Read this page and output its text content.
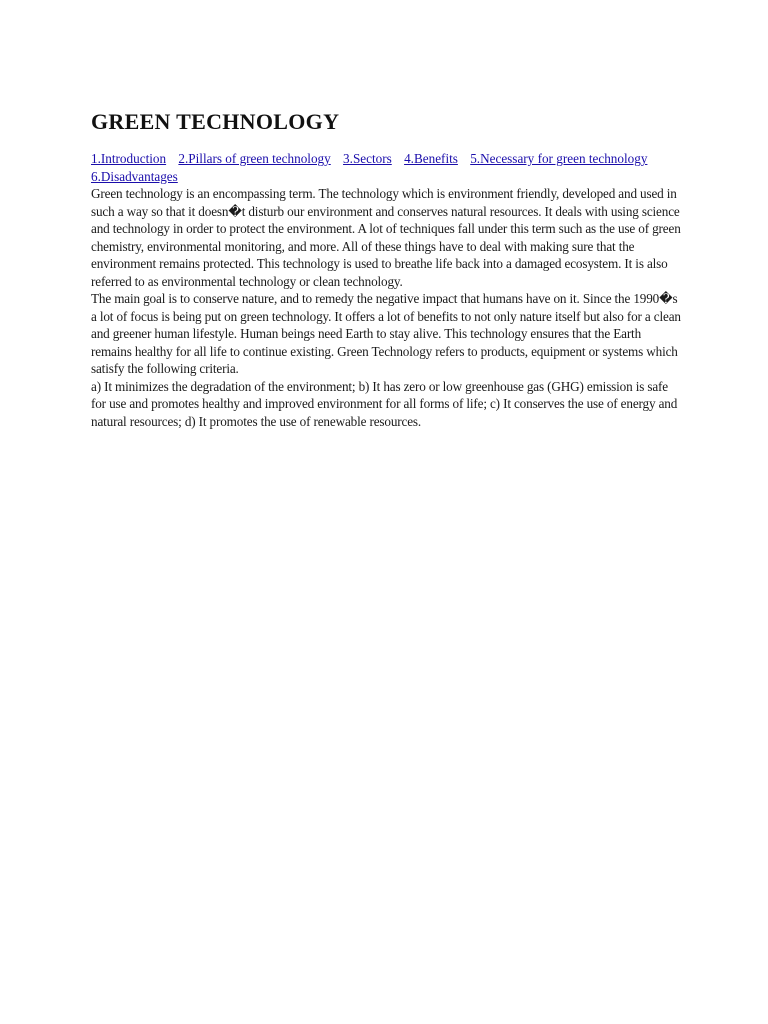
GREEN TECHNOLOGY
1.Introduction 2.Pillars of green technology 3.Sectors 4.Benefits 5.Necessary for green technology 6.Disadvantages

Green technology is an encompassing term. The technology which is environment friendly, developed and used in such a way so that it doesn�t disturb our environment and conserves natural resources. It deals with using science and technology in order to protect the environment. A lot of techniques fall under this term such as the use of green chemistry, environmental monitoring, and more. All of these things have to deal with making sure that the environment remains protected. This technology is used to breathe life back into a damaged ecosystem. It is also referred to as environmental technology or clean technology.

The main goal is to conserve nature, and to remedy the negative impact that humans have on it. Since the 1990�s a lot of focus is being put on green technology. It offers a lot of benefits to not only nature itself but also for a clean and greener human lifestyle. Human beings need Earth to stay alive. This technology ensures that the Earth remains healthy for all life to continue existing. Green Technology refers to products, equipment or systems which satisfy the following criteria.

a) It minimizes the degradation of the environment; b) It has zero or low greenhouse gas (GHG) emission is safe for use and promotes healthy and improved environment for all forms of life; c) It conserves the use of energy and natural resources; d) It promotes the use of renewable resources.
